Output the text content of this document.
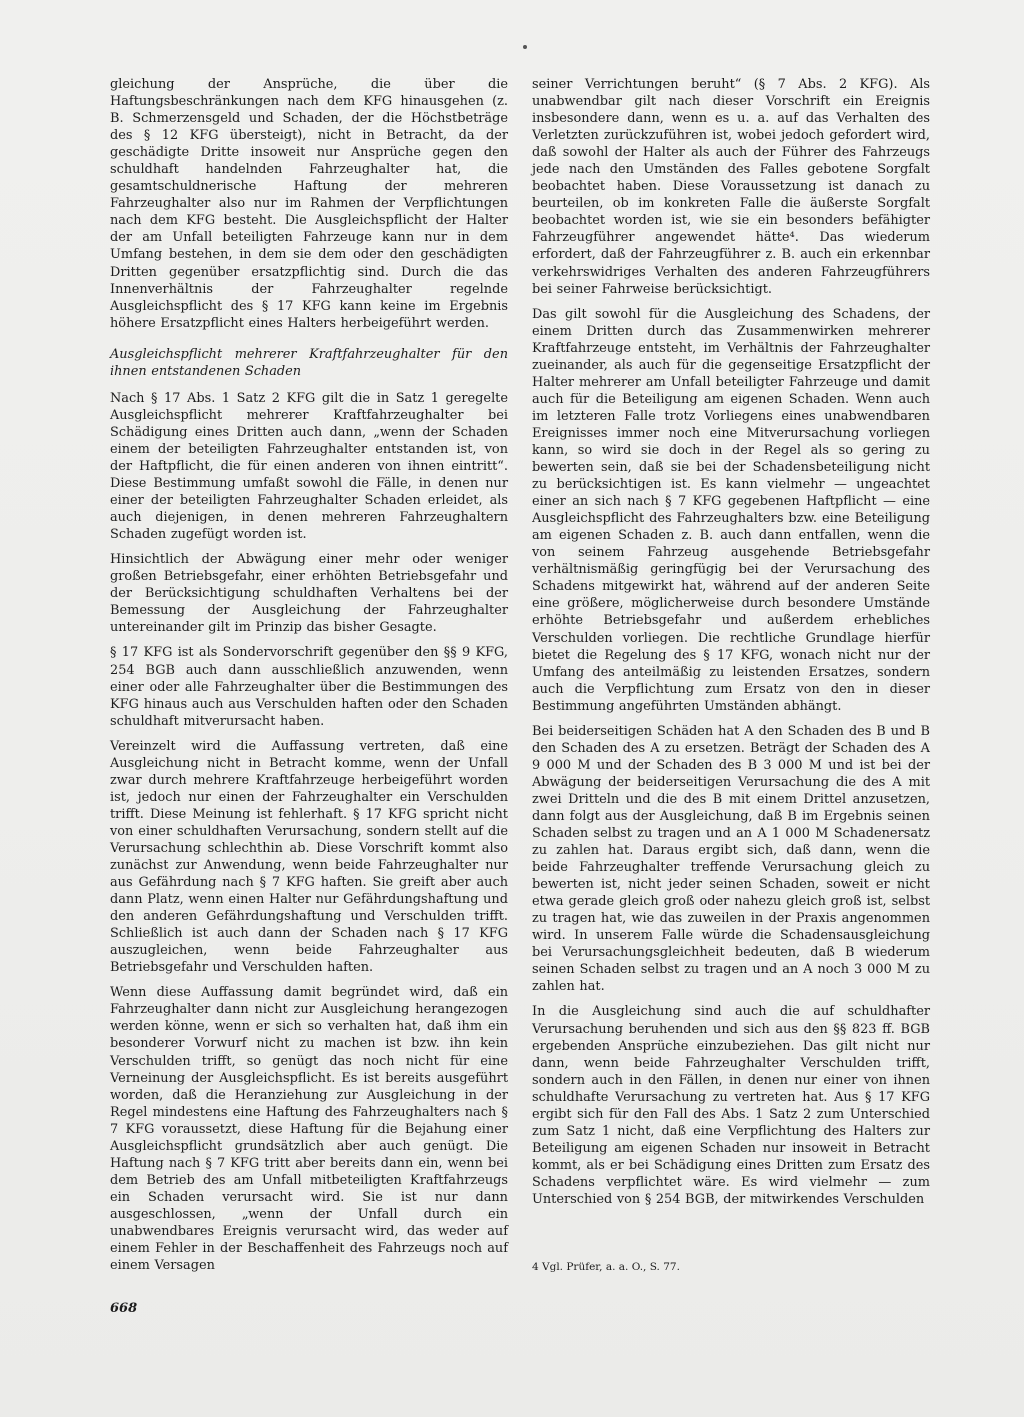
gleichung der Ansprüche, die über die Haftungsbeschränkungen nach dem KFG hinausgehen (z. B. Schmerzensgeld und Schaden, der die Höchstbeträge des § 12 KFG übersteigt), nicht in Betracht, da der geschädigte Dritte insoweit nur Ansprüche gegen den schuldhaft handelnden Fahrzeughalter hat, die gesamtschuldnerische Haftung der mehreren Fahrzeughalter also nur im Rahmen der Verpflichtungen nach dem KFG besteht. Die Ausgleichspflicht der Halter der am Unfall beteiligten Fahrzeuge kann nur in dem Umfang bestehen, in dem sie dem oder den geschädigten Dritten gegenüber ersatzpflichtig sind. Durch die das Innenverhältnis der Fahrzeughalter regelnde Ausgleichspflicht des § 17 KFG kann keine im Ergebnis höhere Ersatzpflicht eines Halters herbeigeführt werden.

Ausgleichspflicht mehrerer Kraftfahrzeughalter für den ihnen entstandenen Schaden

Nach § 17 Abs. 1 Satz 2 KFG gilt die in Satz 1 geregelte Ausgleichspflicht mehrerer Kraftfahrzeughalter bei Schädigung eines Dritten auch dann, „wenn der Schaden einem der beteiligten Fahrzeughalter entstanden ist, von der Haftpflicht, die für einen anderen von ihnen eintritt“. Diese Bestimmung umfaßt sowohl die Fälle, in denen nur einer der beteiligten Fahrzeughalter Schaden erleidet, als auch diejenigen, in denen mehreren Fahrzeughaltern Schaden zugefügt worden ist.

Hinsichtlich der Abwägung einer mehr oder weniger großen Betriebsgefahr, einer erhöhten Betriebsgefahr und der Berücksichtigung schuldhaften Verhaltens bei der Bemessung der Ausgleichung der Fahrzeughalter untereinander gilt im Prinzip das bisher Gesagte.

§ 17 KFG ist als Sondervorschrift gegenüber den §§ 9 KFG, 254 BGB auch dann ausschließlich anzuwenden, wenn einer oder alle Fahrzeughalter über die Bestimmungen des KFG hinaus auch aus Verschulden haften oder den Schaden schuldhaft mitverursacht haben.

Vereinzelt wird die Auffassung vertreten, daß eine Ausgleichung nicht in Betracht komme, wenn der Unfall zwar durch mehrere Kraftfahrzeuge herbeigeführt worden ist, jedoch nur einen der Fahrzeughalter ein Verschulden trifft. Diese Meinung ist fehlerhaft. § 17 KFG spricht nicht von einer schuldhaften Verursachung, sondern stellt auf die Verursachung schlechthin ab. Diese Vorschrift kommt also zunächst zur Anwendung, wenn beide Fahrzeughalter nur aus Gefährdung nach § 7 KFG haften. Sie greift aber auch dann Platz, wenn einen Halter nur Gefährdungshaftung und den anderen Gefährdungshaftung und Verschulden trifft. Schließlich ist auch dann der Schaden nach § 17 KFG auszugleichen, wenn beide Fahrzeughalter aus Betriebsgefahr und Verschulden haften.

Wenn diese Auffassung damit begründet wird, daß ein Fahrzeughalter dann nicht zur Ausgleichung herangezogen werden könne, wenn er sich so verhalten hat, daß ihm ein besonderer Vorwurf nicht zu machen ist bzw. ihn kein Verschulden trifft, so genügt das noch nicht für eine Verneinung der Ausgleichspflicht. Es ist bereits ausgeführt worden, daß die Heranziehung zur Ausgleichung in der Regel mindestens eine Haftung des Fahrzeughalters nach § 7 KFG voraussetzt, diese Haftung für die Bejahung einer Ausgleichspflicht grundsätzlich aber auch genügt. Die Haftung nach § 7 KFG tritt aber bereits dann ein, wenn bei dem Betrieb des am Unfall mitbeteiligten Kraftfahrzeugs ein Schaden verursacht wird. Sie ist nur dann ausgeschlossen, „wenn der Unfall durch ein unabwendbares Ereignis verursacht wird, das weder auf einem Fehler in der Beschaffenheit des Fahrzeugs noch auf einem Versagen

seiner Verrichtungen beruht“ (§ 7 Abs. 2 KFG). Als unabwendbar gilt nach dieser Vorschrift ein Ereignis insbesondere dann, wenn es u. a. auf das Verhalten des Verletzten zurückzuführen ist, wobei jedoch gefordert wird, daß sowohl der Halter als auch der Führer des Fahrzeugs jede nach den Umständen des Falles gebotene Sorgfalt beobachtet haben. Diese Voraussetzung ist danach zu beurteilen, ob im konkreten Falle die äußerste Sorgfalt beobachtet worden ist, wie sie ein besonders befähigter Fahrzeugführer angewendet hätte⁴. Das wiederum erfordert, daß der Fahrzeugführer z. B. auch ein erkennbar verkehrswidriges Verhalten des anderen Fahrzeugführers bei seiner Fahrweise berücksichtigt.

Das gilt sowohl für die Ausgleichung des Schadens, der einem Dritten durch das Zusammenwirken mehrerer Kraftfahrzeuge entsteht, im Verhältnis der Fahrzeughalter zueinander, als auch für die gegenseitige Ersatzpflicht der Halter mehrerer am Unfall beteiligter Fahrzeuge und damit auch für die Beteiligung am eigenen Schaden. Wenn auch im letzteren Falle trotz Vorliegens eines unabwendbaren Ereignisses immer noch eine Mitverursachung vorliegen kann, so wird sie doch in der Regel als so gering zu bewerten sein, daß sie bei der Schadensbeteiligung nicht zu berücksichtigen ist. Es kann vielmehr — ungeachtet einer an sich nach § 7 KFG gegebenen Haftpflicht — eine Ausgleichspflicht des Fahrzeughalters bzw. eine Beteiligung am eigenen Schaden z. B. auch dann entfallen, wenn die von seinem Fahrzeug ausgehende Betriebsgefahr verhältnismäßig geringfügig bei der Verursachung des Schadens mitgewirkt hat, während auf der anderen Seite eine größere, möglicherweise durch besondere Umstände erhöhte Betriebsgefahr und außerdem erhebliches Verschulden vorliegen. Die rechtliche Grundlage hierfür bietet die Regelung des § 17 KFG, wonach nicht nur der Umfang des anteilmäßig zu leistenden Ersatzes, sondern auch die Verpflichtung zum Ersatz von den in dieser Bestimmung angeführten Umständen abhängt.

Bei beiderseitigen Schäden hat A den Schaden des B und B den Schaden des A zu ersetzen. Beträgt der Schaden des A 9 000 M und der Schaden des B 3 000 M und ist bei der Abwägung der beiderseitigen Verursachung die des A mit zwei Dritteln und die des B mit einem Drittel anzusetzen, dann folgt aus der Ausgleichung, daß B im Ergebnis seinen Schaden selbst zu tragen und an A 1 000 M Schadenersatz zu zahlen hat. Daraus ergibt sich, daß dann, wenn die beide Fahrzeughalter treffende Verursachung gleich zu bewerten ist, nicht jeder seinen Schaden, soweit er nicht etwa gerade gleich groß oder nahezu gleich groß ist, selbst zu tragen hat, wie das zuweilen in der Praxis angenommen wird. In unserem Falle würde die Schadensausgleichung bei Verursachungsgleichheit bedeuten, daß B wiederum seinen Schaden selbst zu tragen und an A noch 3 000 M zu zahlen hat.

In die Ausgleichung sind auch die auf schuldhafter Verursachung beruhenden und sich aus den §§ 823 ff. BGB ergebenden Ansprüche einzubeziehen. Das gilt nicht nur dann, wenn beide Fahrzeughalter Verschulden trifft, sondern auch in den Fällen, in denen nur einer von ihnen schuldhafte Verursachung zu vertreten hat. Aus § 17 KFG ergibt sich für den Fall des Abs. 1 Satz 2 zum Unterschied zum Satz 1 nicht, daß eine Verpflichtung des Halters zur Beteiligung am eigenen Schaden nur insoweit in Betracht kommt, als er bei Schädigung eines Dritten zum Ersatz des Schadens verpflichtet wäre. Es wird vielmehr — zum Unterschied von § 254 BGB, der mitwirkendes Verschulden

4 Vgl. Prüfer, a. a. O., S. 77.
668
